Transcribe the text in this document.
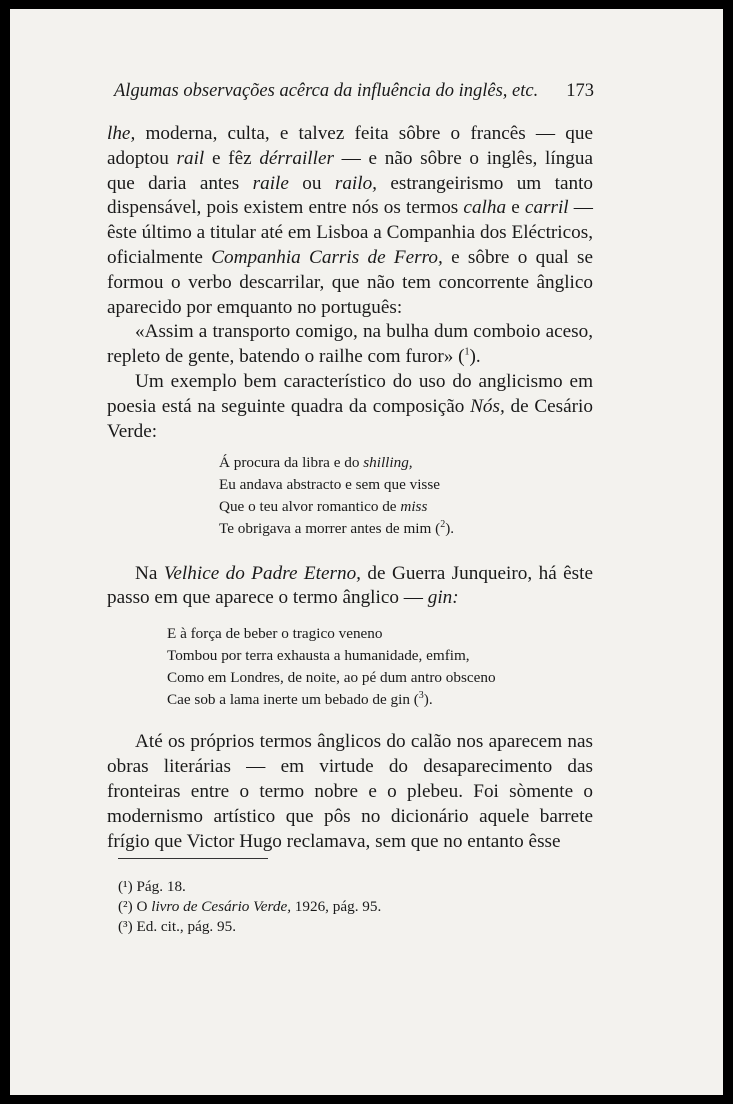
Algumas observações acêrca da influência do inglês, etc. 173

lhe, moderna, culta, e talvez feita sôbre o francês — que adoptou rail e fêz dérrailler — e não sôbre o inglês, língua que daria antes raile ou railo, estrangeirismo um tanto dispensável, pois existem entre nós os termos calha e carril — êste último a titular até em Lisboa a Companhia dos Eléctricos, oficialmente Companhia Carris de Ferro, e sôbre o qual se formou o verbo descarrilar, que não tem concorrente ânglico aparecido por emquanto no português:

«Assim a transporto comigo, na bulha dum comboio aceso, repleto de gente, batendo o railhe com furor» ($^1$).

Um exemplo bem característico do uso do anglicismo em poesia está na seguinte quadra da composição Nós, de Cesário Verde:

Á procura da libra e do shilling,
Eu andava abstracto e sem que visse
Que o teu alvor romantico de miss
Te obrigava a morrer antes de mim ($^2$).

Na Velhice do Padre Eterno, de Guerra Junqueiro, há êste passo em que aparece o termo ânglico — gin:

E à força de beber o tragico veneno
Tombou por terra exhausta a humanidade, emfim,
Como em Londres, de noite, ao pé dum antro obsceno
Cae sob a lama inerte um bebado de gin ($^3$).

Até os próprios termos ânglicos do calão nos aparecem nas obras literárias — em virtude do desaparecimento das fronteiras entre o termo nobre e o plebeu. Foi sòmente o modernismo artístico que pôs no dicionário aquele barrete frígio que Victor Hugo reclamava, sem que no entanto êsse

(¹) Pág. 18.
(²) O livro de Cesário Verde, 1926, pág. 95.
(³) Ed. cit., pág. 95.
